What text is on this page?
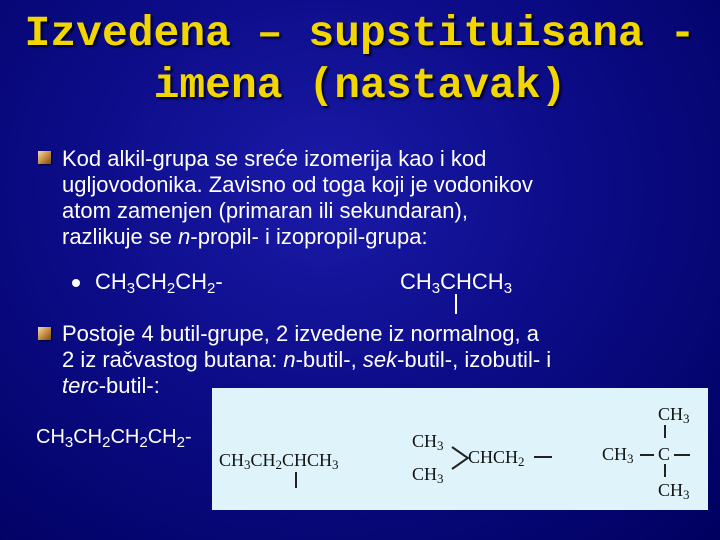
Izvedena – supstituisana -
imena (nastavak)
Kod alkil-grupa se sreće izomerija kao i kod
ugljovodonika. Zavisno od toga koji je vodonikov
atom zamenjen (primaran ili sekundaran),
razlikuje se n-propil- i izopropil-grupa:
$CH_3CH_2CH_2-$	$CH_3CHCH_3$
Postoje 4 butil-grupe, 2 izvedene iz normalnog, a
2 iz račvastog butana: n-butil-, sek-butil-, izobutil- i
terc-butil-:
$CH_3CH_2CH_2CH_2-$
$CH_3CH_2CHCH_3$
$CH_3$
$CH_3$
$CHCH_2$
$CH_3$
$CH_3$ C
$CH_3$
